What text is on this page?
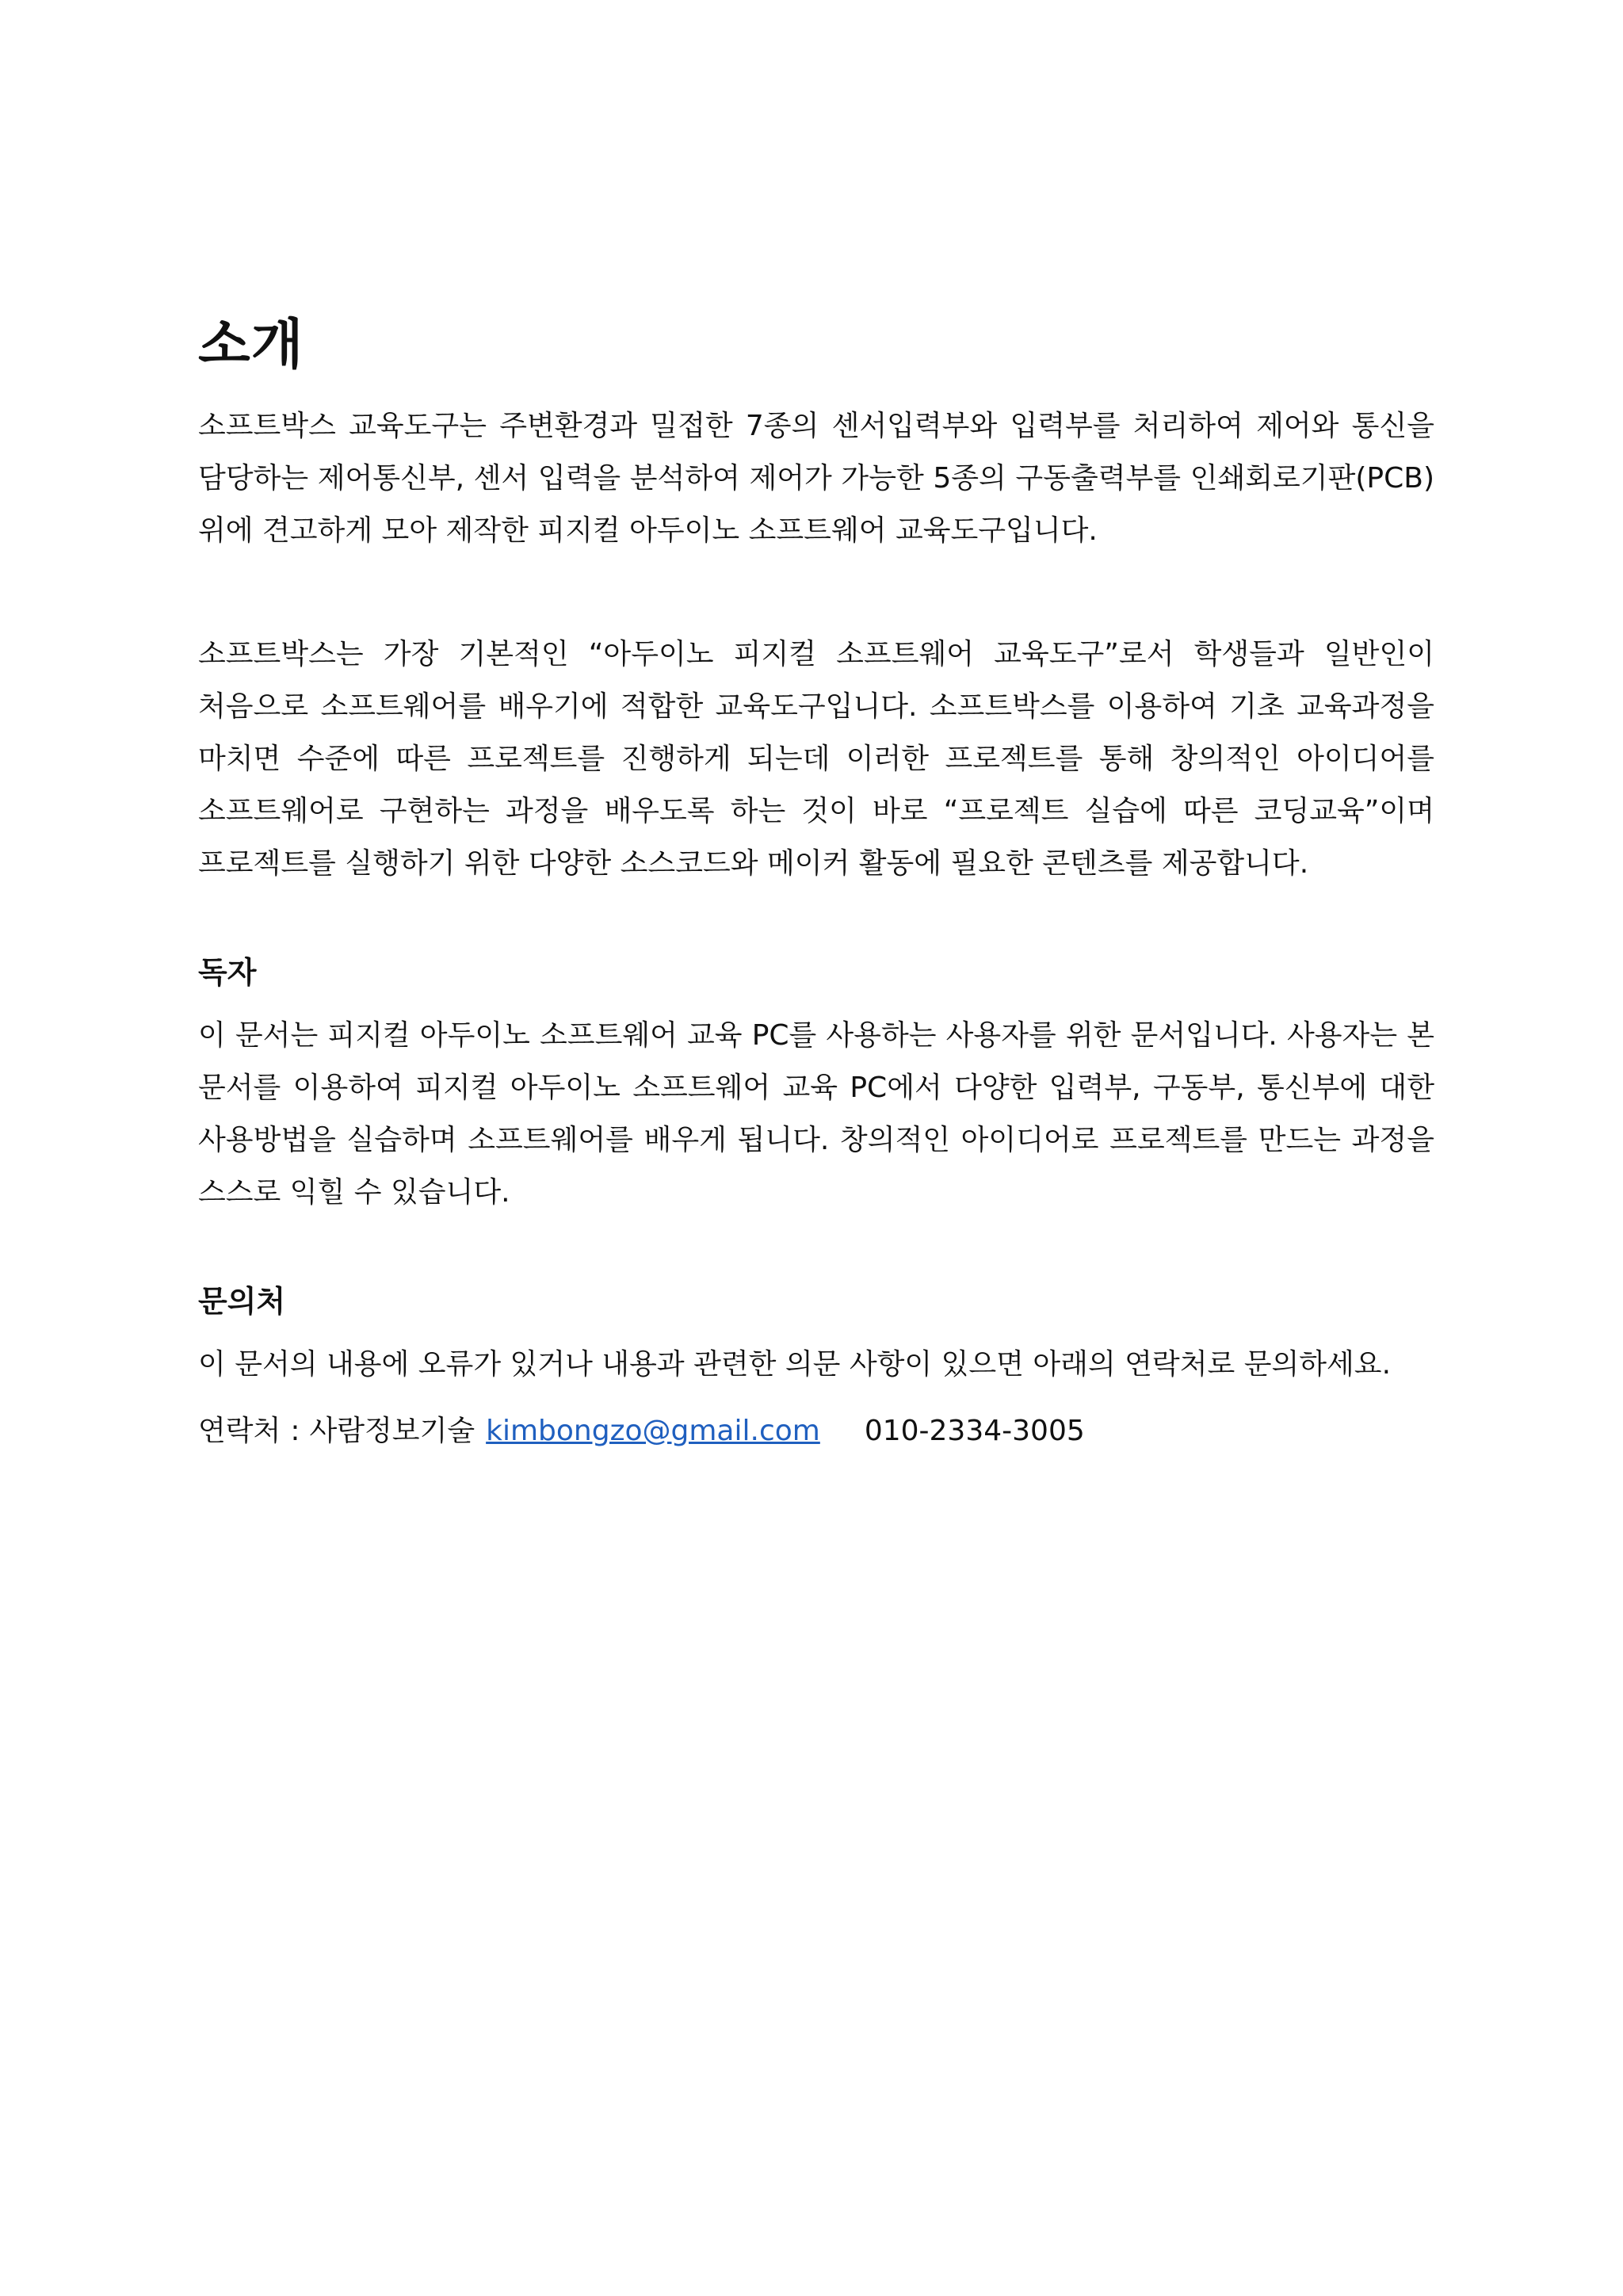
소개

소프트박스 교육도구는 주변환경과 밀접한 7종의 센서입력부와 입력부를 처리하여 제어와 통신을 담당하는 제어통신부, 센서 입력을 분석하여 제어가 가능한 5종의 구동출력부를 인쇄회로기판(PCB) 위에 견고하게 모아 제작한 피지컬 아두이노 소프트웨어 교육도구입니다.

소프트박스는 가장 기본적인 “아두이노 피지컬 소프트웨어 교육도구”로서 학생들과 일반인이 처음으로 소프트웨어를 배우기에 적합한 교육도구입니다. 소프트박스를 이용하여 기초 교육과정을 마치면 수준에 따른 프로젝트를 진행하게 되는데 이러한 프로젝트를 통해 창의적인 아이디어를 소프트웨어로 구현하는 과정을 배우도록 하는 것이 바로 “프로젝트 실습에 따른 코딩교육”이며 프로젝트를 실행하기 위한 다양한 소스코드와 메이커 활동에 필요한 콘텐츠를 제공합니다.

독자

이 문서는 피지컬 아두이노 소프트웨어 교육 PC를 사용하는 사용자를 위한 문서입니다. 사용자는 본 문서를 이용하여 피지컬 아두이노 소프트웨어 교육 PC에서 다양한 입력부, 구동부, 통신부에 대한 사용방법을 실습하며 소프트웨어를 배우게 됩니다. 창의적인 아이디어로 프로젝트를 만드는 과정을 스스로 익힐 수 있습니다.

문의처

이 문서의 내용에 오류가 있거나 내용과 관련한 의문 사항이 있으면 아래의 연락처로 문의하세요.

연락처 : 사람정보기술 kimbongzo@gmail.com 010-2334-3005
